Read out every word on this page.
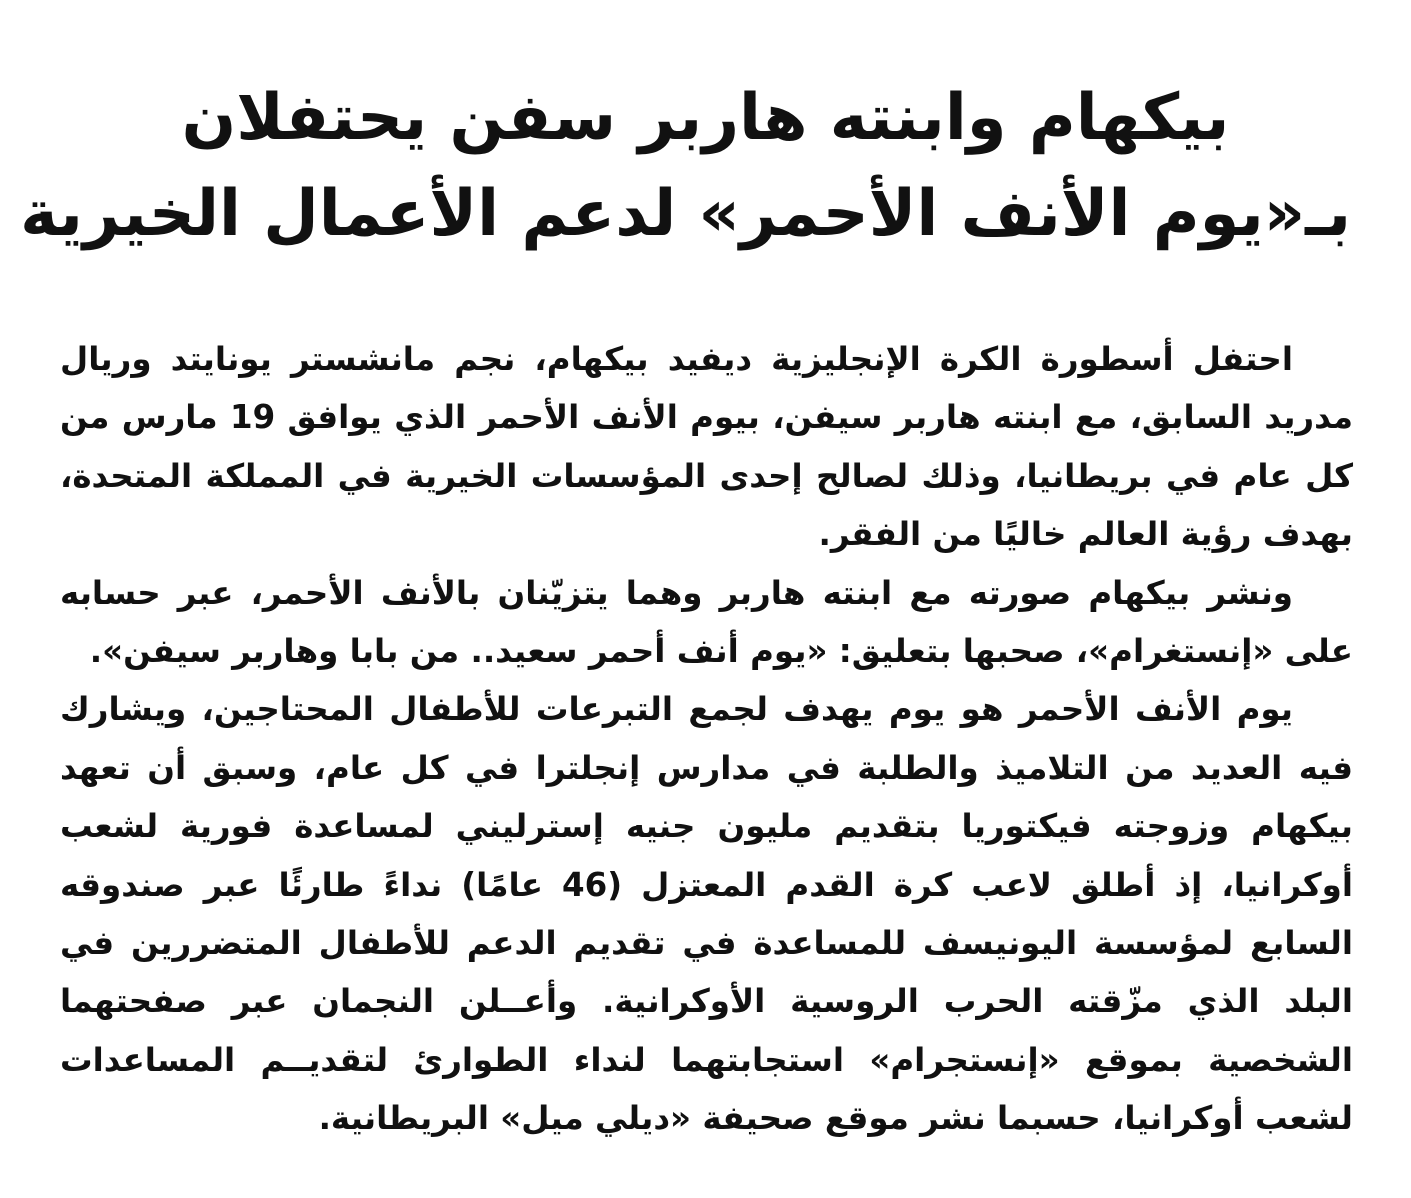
بيكهام وابنته هاربر سفن يحتفلان
بـ«يوم الأنف الأحمر» لدعم الأعمال الخيرية

احتفل أسطورة الكرة الإنجليزية ديفيد بيكهام، نجم مانشستر يونايتد وريال مدريد السابق، مع ابنته هاربر سيفن، بيوم الأنف الأحمر الذي يوافق 19 مارس من كل عام في بريطانيا، وذلك لصالح إحدى المؤسسات الخيرية في المملكة المتحدة، بهدف رؤية العالم خاليًا من الفقر.

ونشر بيكهام صورته مع ابنته هاربر وهما يتزيّنان بالأنف الأحمر، عبر حسابه على «إنستغرام»، صحبها بتعليق: «يوم أنف أحمر سعيد.. من بابا وهاربر سيفن».

يوم الأنف الأحمر هو يوم يهدف لجمع التبرعات للأطفال المحتاجين، ويشارك فيه العديد من التلاميذ والطلبة في مدارس إنجلترا في كل عام، وسبق أن تعهد بيكهام وزوجته فيكتوريا بتقديم مليون جنيه إسترليني لمساعدة فورية لشعب أوكرانيا، إذ أطلق لاعب كرة القدم المعتزل (46 عامًا) نداءً طارئًا عبر صندوقه السابع لمؤسسة اليونيسف للمساعدة في تقديم الدعم للأطفال المتضررين في البلد الذي مزّقته الحرب الروسية الأوكرانية. وأعــلن النجمان عبر صفحتهما الشخصية بموقع «إنستجرام» استجابتهما لنداء الطوارئ لتقديــم المساعدات لشعب أوكرانيا، حسبما نشر موقع صحيفة «ديلي ميل» البريطانية.
